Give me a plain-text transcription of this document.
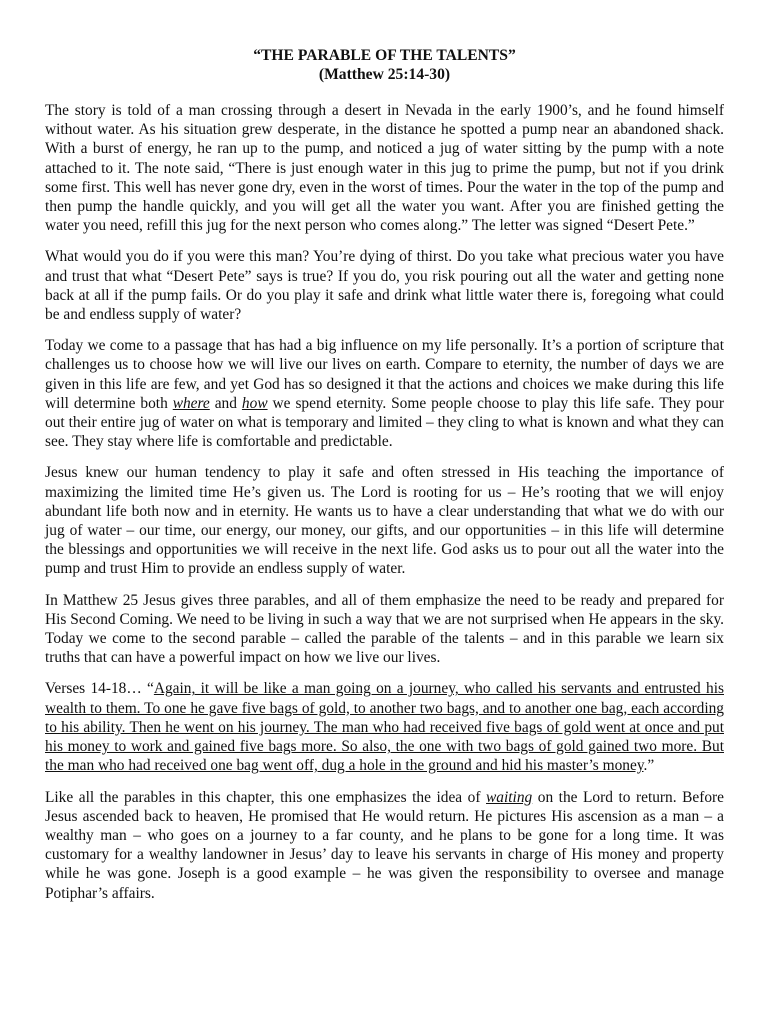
“THE PARABLE OF THE TALENTS”
(Matthew 25:14-30)

The story is told of a man crossing through a desert in Nevada in the early 1900’s, and he found himself without water. As his situation grew desperate, in the distance he spotted a pump near an abandoned shack. With a burst of energy, he ran up to the pump, and noticed a jug of water sitting by the pump with a note attached to it. The note said, “There is just enough water in this jug to prime the pump, but not if you drink some first. This well has never gone dry, even in the worst of times. Pour the water in the top of the pump and then pump the handle quickly, and you will get all the water you want. After you are finished getting the water you need, refill this jug for the next person who comes along.” The letter was signed “Desert Pete.”

What would you do if you were this man? You’re dying of thirst. Do you take what precious water you have and trust that what “Desert Pete” says is true? If you do, you risk pouring out all the water and getting none back at all if the pump fails. Or do you play it safe and drink what little water there is, foregoing what could be and endless supply of water?

Today we come to a passage that has had a big influence on my life personally. It’s a portion of scripture that challenges us to choose how we will live our lives on earth. Compare to eternity, the number of days we are given in this life are few, and yet God has so designed it that the actions and choices we make during this life will determine both where and how we spend eternity. Some people choose to play this life safe. They pour out their entire jug of water on what is temporary and limited – they cling to what is known and what they can see. They stay where life is comfortable and predictable.

Jesus knew our human tendency to play it safe and often stressed in His teaching the importance of maximizing the limited time He’s given us. The Lord is rooting for us – He’s rooting that we will enjoy abundant life both now and in eternity. He wants us to have a clear understanding that what we do with our jug of water – our time, our energy, our money, our gifts, and our opportunities – in this life will determine the blessings and opportunities we will receive in the next life. God asks us to pour out all the water into the pump and trust Him to provide an endless supply of water.

In Matthew 25 Jesus gives three parables, and all of them emphasize the need to be ready and prepared for His Second Coming. We need to be living in such a way that we are not surprised when He appears in the sky. Today we come to the second parable – called the parable of the talents – and in this parable we learn six truths that can have a powerful impact on how we live our lives.

Verses 14-18… “Again, it will be like a man going on a journey, who called his servants and entrusted his wealth to them. To one he gave five bags of gold, to another two bags, and to another one bag, each according to his ability. Then he went on his journey. The man who had received five bags of gold went at once and put his money to work and gained five bags more. So also, the one with two bags of gold gained two more. But the man who had received one bag went off, dug a hole in the ground and hid his master’s money.”

Like all the parables in this chapter, this one emphasizes the idea of waiting on the Lord to return. Before Jesus ascended back to heaven, He promised that He would return. He pictures His ascension as a man – a wealthy man – who goes on a journey to a far county, and he plans to be gone for a long time. It was customary for a wealthy landowner in Jesus’ day to leave his servants in charge of His money and property while he was gone. Joseph is a good example – he was given the responsibility to oversee and manage Potiphar’s affairs.
